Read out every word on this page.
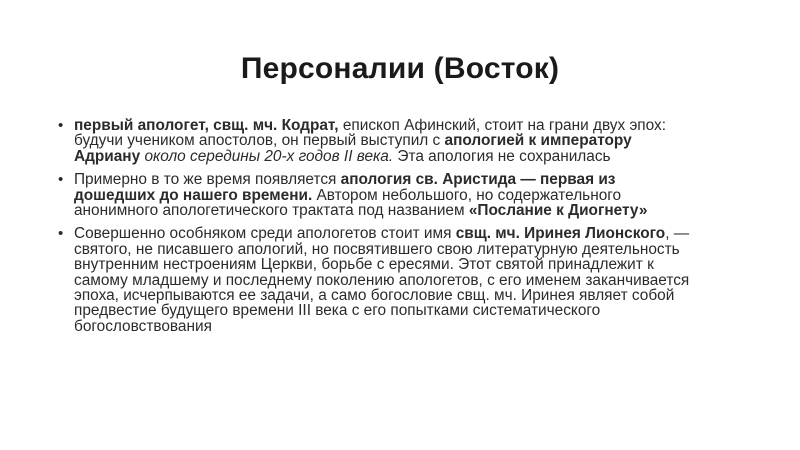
Персоналии (Восток)
• первый апологет, свщ. мч. Кодрат, епископ Афинский, стоит на грани двух эпох: будучи учеником апостолов, он первый выступил с апологией к императору Адриану около середины 20-х годов II века. Эта апология не сохранилась
• Примерно в то же время появляется апология св. Аристида — первая из дошедших до нашего времени. Автором небольшого, но содержательного анонимного апологетического трактата под названием «Послание к Диогнету»
• Совершенно особняком среди апологетов стоит имя свщ. мч. Иринея Лионского, — святого, не писавшего апологий, но посвятившего свою литературную деятельность внутренним нестроениям Церкви, борьбе с ересями. Этот святой принадлежит к самому младшему и последнему поколению апологетов, с его именем заканчивается эпоха, исчерпываются ее задачи, а само богословие свщ. мч. Иринея являет собой предвестие будущего времени III века с его попытками систематического богословствования
